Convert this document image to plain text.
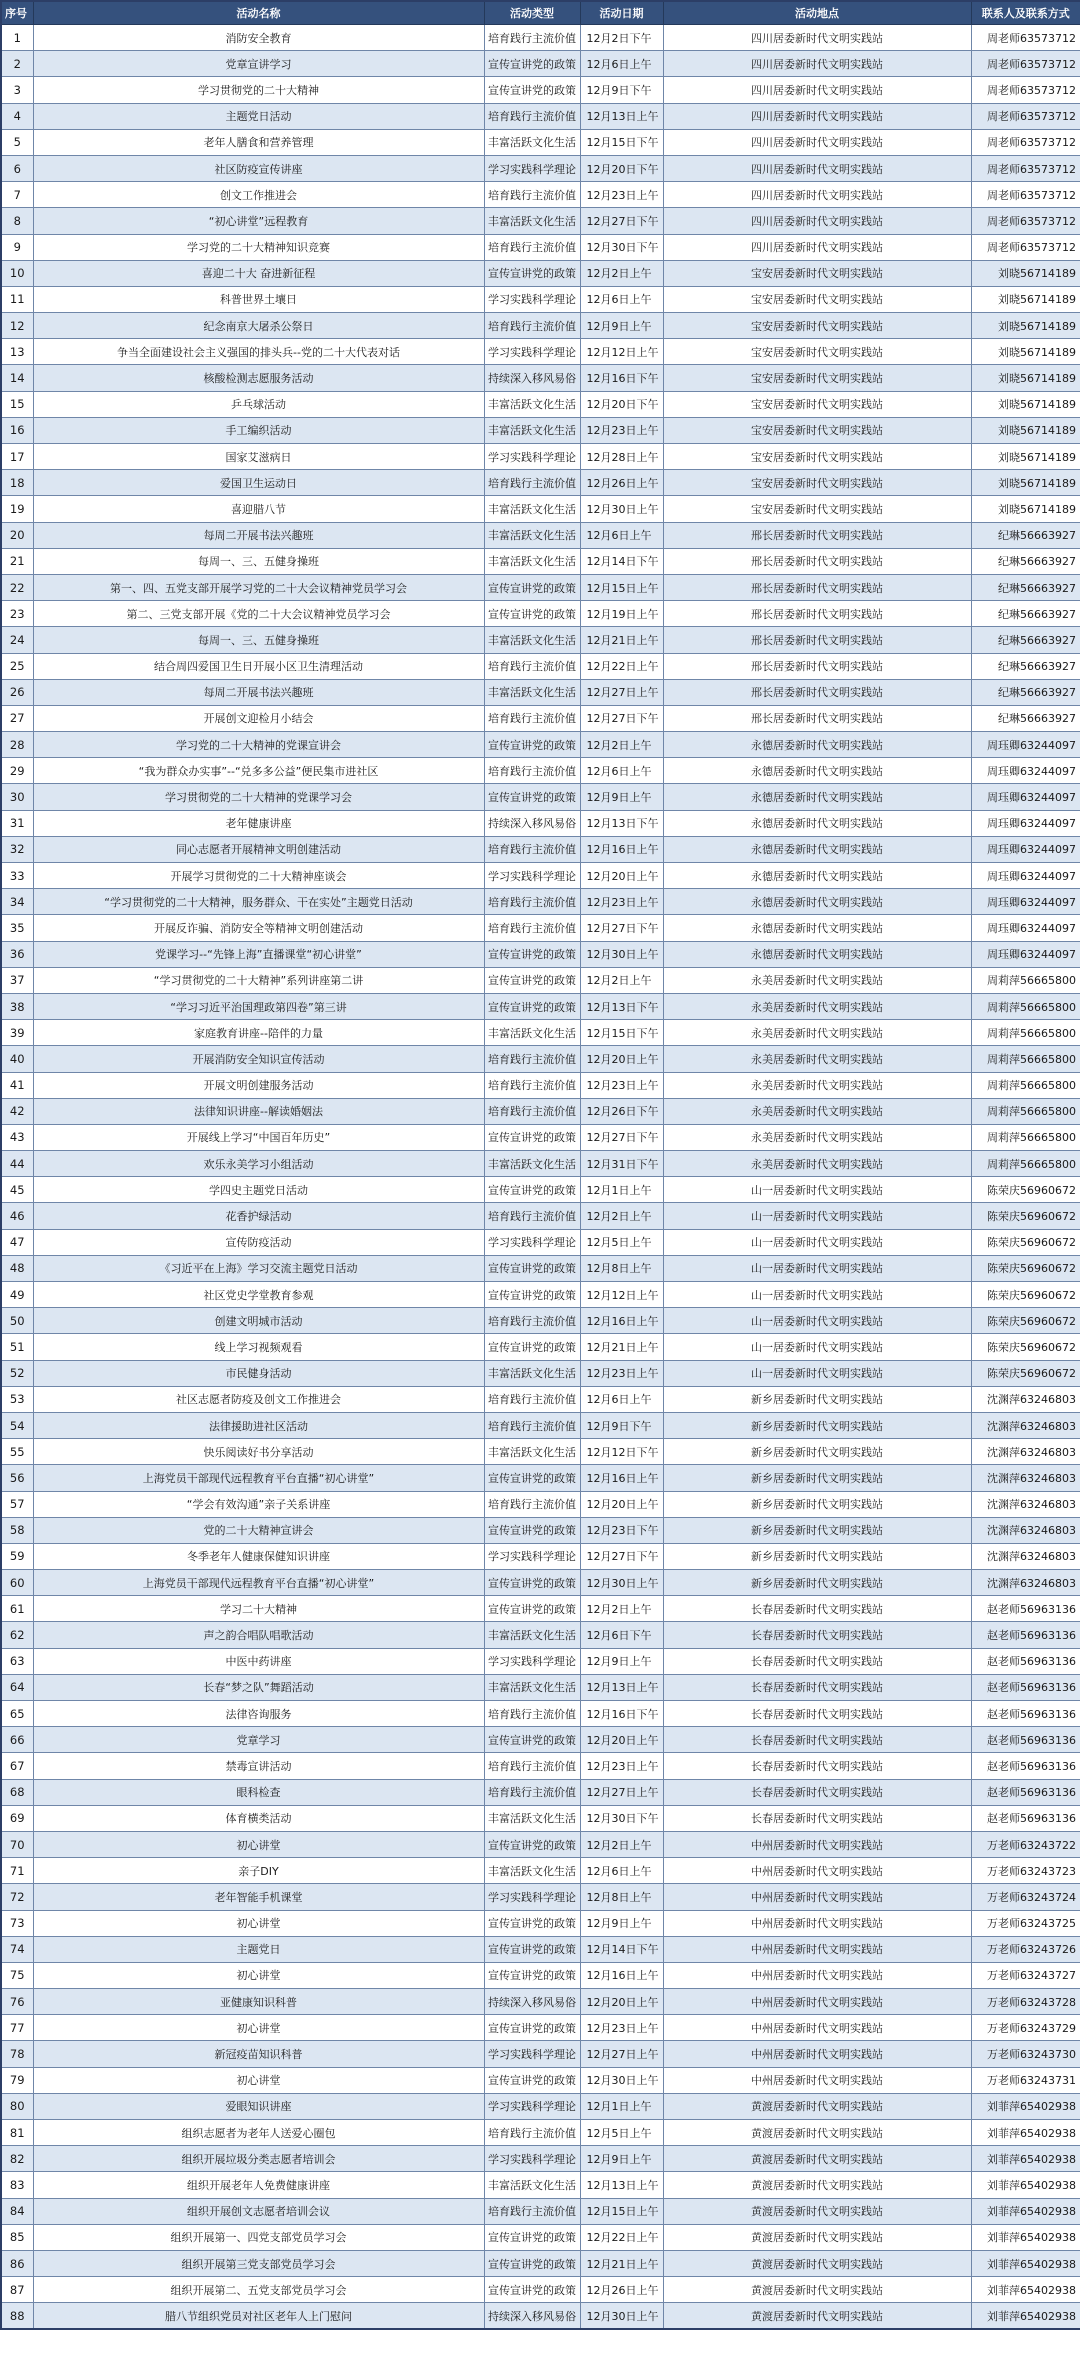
序号	活动名称	活动类型	活动日期	活动地点	联系人及联系方式
1	消防安全教育	培育践行主流价值	12月2日下午	四川居委新时代文明实践站	周老师63573712
2	党章宣讲学习	宣传宣讲党的政策	12月6日上午	四川居委新时代文明实践站	周老师63573712
3	学习贯彻党的二十大精神	宣传宣讲党的政策	12月9日下午	四川居委新时代文明实践站	周老师63573712
4	主题党日活动	培育践行主流价值	12月13日上午	四川居委新时代文明实践站	周老师63573712
5	老年人膳食和营养管理	丰富活跃文化生活	12月15日下午	四川居委新时代文明实践站	周老师63573712
6	社区防疫宣传讲座	学习实践科学理论	12月20日下午	四川居委新时代文明实践站	周老师63573712
7	创文工作推进会	培育践行主流价值	12月23日上午	四川居委新时代文明实践站	周老师63573712
8	“初心讲堂”远程教育	丰富活跃文化生活	12月27日下午	四川居委新时代文明实践站	周老师63573712
9	学习党的二十大精神知识竞赛	培育践行主流价值	12月30日下午	四川居委新时代文明实践站	周老师63573712
10	喜迎二十大 奋进新征程	宣传宣讲党的政策	12月2日上午	宝安居委新时代文明实践站	刘晓56714189
11	科普世界土壤日	学习实践科学理论	12月6日上午	宝安居委新时代文明实践站	刘晓56714189
12	纪念南京大屠杀公祭日	培育践行主流价值	12月9日上午	宝安居委新时代文明实践站	刘晓56714189
13	争当全面建设社会主义强国的排头兵--党的二十大代表对话	学习实践科学理论	12月12日上午	宝安居委新时代文明实践站	刘晓56714189
14	核酸检测志愿服务活动	持续深入移风易俗	12月16日下午	宝安居委新时代文明实践站	刘晓56714189
15	乒乓球活动	丰富活跃文化生活	12月20日下午	宝安居委新时代文明实践站	刘晓56714189
16	手工编织活动	丰富活跃文化生活	12月23日上午	宝安居委新时代文明实践站	刘晓56714189
17	国家艾滋病日	学习实践科学理论	12月28日上午	宝安居委新时代文明实践站	刘晓56714189
18	爱国卫生运动日	培育践行主流价值	12月26日上午	宝安居委新时代文明实践站	刘晓56714189
19	喜迎腊八节	丰富活跃文化生活	12月30日上午	宝安居委新时代文明实践站	刘晓56714189
20	每周二开展书法兴趣班	丰富活跃文化生活	12月6日上午	邢长居委新时代文明实践站	纪琳56663927
21	每周一、三、五健身操班	丰富活跃文化生活	12月14日下午	邢长居委新时代文明实践站	纪琳56663927
22	第一、四、五党支部开展学习党的二十大会议精神党员学习会	宣传宣讲党的政策	12月15日上午	邢长居委新时代文明实践站	纪琳56663927
23	第二、三党支部开展《党的二十大会议精神党员学习会	宣传宣讲党的政策	12月19日上午	邢长居委新时代文明实践站	纪琳56663927
24	每周一、三、五健身操班	丰富活跃文化生活	12月21日上午	邢长居委新时代文明实践站	纪琳56663927
25	结合周四爱国卫生日开展小区卫生清理活动	培育践行主流价值	12月22日上午	邢长居委新时代文明实践站	纪琳56663927
26	每周二开展书法兴趣班	丰富活跃文化生活	12月27日上午	邢长居委新时代文明实践站	纪琳56663927
27	开展创文迎检月小结会	培育践行主流价值	12月27日下午	邢长居委新时代文明实践站	纪琳56663927
28	学习党的二十大精神的党课宣讲会	宣传宣讲党的政策	12月2日上午	永德居委新时代文明实践站	周珏卿63244097
29	“我为群众办实事”--“兑多多公益”便民集市进社区	培育践行主流价值	12月6日上午	永德居委新时代文明实践站	周珏卿63244097
30	学习贯彻党的二十大精神的党课学习会	宣传宣讲党的政策	12月9日上午	永德居委新时代文明实践站	周珏卿63244097
31	老年健康讲座	持续深入移风易俗	12月13日下午	永德居委新时代文明实践站	周珏卿63244097
32	同心志愿者开展精神文明创建活动	培育践行主流价值	12月16日上午	永德居委新时代文明实践站	周珏卿63244097
33	开展学习贯彻党的二十大精神座谈会	学习实践科学理论	12月20日上午	永德居委新时代文明实践站	周珏卿63244097
34	“学习贯彻党的二十大精神，服务群众、干在实处”主题党日活动	培育践行主流价值	12月23日上午	永德居委新时代文明实践站	周珏卿63244097
35	开展反诈骗、消防安全等精神文明创建活动	培育践行主流价值	12月27日下午	永德居委新时代文明实践站	周珏卿63244097
36	党课学习--“先锋上海”直播课堂“初心讲堂”	宣传宣讲党的政策	12月30日上午	永德居委新时代文明实践站	周珏卿63244097
37	“学习贯彻党的二十大精神”系列讲座第二讲	宣传宣讲党的政策	12月2日上午	永美居委新时代文明实践站	周莉萍56665800
38	“学习习近平治国理政第四卷”第三讲	宣传宣讲党的政策	12月13日下午	永美居委新时代文明实践站	周莉萍56665800
39	家庭教育讲座--陪伴的力量	丰富活跃文化生活	12月15日下午	永美居委新时代文明实践站	周莉萍56665800
40	开展消防安全知识宣传活动	培育践行主流价值	12月20日上午	永美居委新时代文明实践站	周莉萍56665800
41	开展文明创建服务活动	培育践行主流价值	12月23日上午	永美居委新时代文明实践站	周莉萍56665800
42	法律知识讲座--解读婚姻法	培育践行主流价值	12月26日下午	永美居委新时代文明实践站	周莉萍56665800
43	开展线上学习“中国百年历史”	宣传宣讲党的政策	12月27日下午	永美居委新时代文明实践站	周莉萍56665800
44	欢乐永美学习小组活动	丰富活跃文化生活	12月31日下午	永美居委新时代文明实践站	周莉萍56665800
45	学四史主题党日活动	宣传宣讲党的政策	12月1日上午	山一居委新时代文明实践站	陈荣庆56960672
46	花香护绿活动	培育践行主流价值	12月2日上午	山一居委新时代文明实践站	陈荣庆56960672
47	宣传防疫活动	学习实践科学理论	12月5日上午	山一居委新时代文明实践站	陈荣庆56960672
48	《习近平在上海》学习交流主题党日活动	宣传宣讲党的政策	12月8日上午	山一居委新时代文明实践站	陈荣庆56960672
49	社区党史学堂教育参观	宣传宣讲党的政策	12月12日上午	山一居委新时代文明实践站	陈荣庆56960672
50	创建文明城市活动	培育践行主流价值	12月16日上午	山一居委新时代文明实践站	陈荣庆56960672
51	线上学习视频观看	宣传宣讲党的政策	12月21日上午	山一居委新时代文明实践站	陈荣庆56960672
52	市民健身活动	丰富活跃文化生活	12月23日上午	山一居委新时代文明实践站	陈荣庆56960672
53	社区志愿者防疫及创文工作推进会	培育践行主流价值	12月6日上午	新乡居委新时代文明实践站	沈渊萍63246803
54	法律援助进社区活动	培育践行主流价值	12月9日下午	新乡居委新时代文明实践站	沈渊萍63246803
55	快乐阅读好书分享活动	丰富活跃文化生活	12月12日下午	新乡居委新时代文明实践站	沈渊萍63246803
56	上海党员干部现代远程教育平台直播“初心讲堂”	宣传宣讲党的政策	12月16日上午	新乡居委新时代文明实践站	沈渊萍63246803
57	“学会有效沟通”亲子关系讲座	培育践行主流价值	12月20日上午	新乡居委新时代文明实践站	沈渊萍63246803
58	党的二十大精神宣讲会	宣传宣讲党的政策	12月23日下午	新乡居委新时代文明实践站	沈渊萍63246803
59	冬季老年人健康保健知识讲座	学习实践科学理论	12月27日下午	新乡居委新时代文明实践站	沈渊萍63246803
60	上海党员干部现代远程教育平台直播“初心讲堂”	宣传宣讲党的政策	12月30日上午	新乡居委新时代文明实践站	沈渊萍63246803
61	学习二十大精神	宣传宣讲党的政策	12月2日上午	长春居委新时代文明实践站	赵老师56963136
62	声之韵合唱队唱歌活动	丰富活跃文化生活	12月6日下午	长春居委新时代文明实践站	赵老师56963136
63	中医中药讲座	学习实践科学理论	12月9日上午	长春居委新时代文明实践站	赵老师56963136
64	长春“梦之队”舞蹈活动	丰富活跃文化生活	12月13日上午	长春居委新时代文明实践站	赵老师56963136
65	法律咨询服务	培育践行主流价值	12月16日下午	长春居委新时代文明实践站	赵老师56963136
66	党章学习	宣传宣讲党的政策	12月20日上午	长春居委新时代文明实践站	赵老师56963136
67	禁毒宣讲活动	培育践行主流价值	12月23日上午	长春居委新时代文明实践站	赵老师56963136
68	眼科检查	培育践行主流价值	12月27日上午	长春居委新时代文明实践站	赵老师56963136
69	体育横类活动	丰富活跃文化生活	12月30日下午	长春居委新时代文明实践站	赵老师56963136
70	初心讲堂	宣传宣讲党的政策	12月2日上午	中州居委新时代文明实践站	万老师63243722
71	亲子DIY	丰富活跃文化生活	12月6日上午	中州居委新时代文明实践站	万老师63243723
72	老年智能手机课堂	学习实践科学理论	12月8日上午	中州居委新时代文明实践站	万老师63243724
73	初心讲堂	宣传宣讲党的政策	12月9日上午	中州居委新时代文明实践站	万老师63243725
74	主题党日	宣传宣讲党的政策	12月14日下午	中州居委新时代文明实践站	万老师63243726
75	初心讲堂	宣传宣讲党的政策	12月16日上午	中州居委新时代文明实践站	万老师63243727
76	亚健康知识科普	持续深入移风易俗	12月20日上午	中州居委新时代文明实践站	万老师63243728
77	初心讲堂	宣传宣讲党的政策	12月23日上午	中州居委新时代文明实践站	万老师63243729
78	新冠疫苗知识科普	学习实践科学理论	12月27日上午	中州居委新时代文明实践站	万老师63243730
79	初心讲堂	宣传宣讲党的政策	12月30日上午	中州居委新时代文明实践站	万老师63243731
80	爱眼知识讲座	学习实践科学理论	12月1日上午	黄渡居委新时代文明实践站	刘菲萍65402938
81	组织志愿者为老年人送爱心圈包	培育践行主流价值	12月5日上午	黄渡居委新时代文明实践站	刘菲萍65402938
82	组织开展垃圾分类志愿者培训会	学习实践科学理论	12月9日上午	黄渡居委新时代文明实践站	刘菲萍65402938
83	组织开展老年人免费健康讲座	丰富活跃文化生活	12月13日上午	黄渡居委新时代文明实践站	刘菲萍65402938
84	组织开展创文志愿者培训会议	培育践行主流价值	12月15日上午	黄渡居委新时代文明实践站	刘菲萍65402938
85	组织开展第一、四党支部党员学习会	宣传宣讲党的政策	12月22日上午	黄渡居委新时代文明实践站	刘菲萍65402938
86	组织开展第三党支部党员学习会	宣传宣讲党的政策	12月21日上午	黄渡居委新时代文明实践站	刘菲萍65402938
87	组织开展第二、五党支部党员学习会	宣传宣讲党的政策	12月26日上午	黄渡居委新时代文明实践站	刘菲萍65402938
88	腊八节组织党员对社区老年人上门慰问	持续深入移风易俗	12月30日上午	黄渡居委新时代文明实践站	刘菲萍65402938
